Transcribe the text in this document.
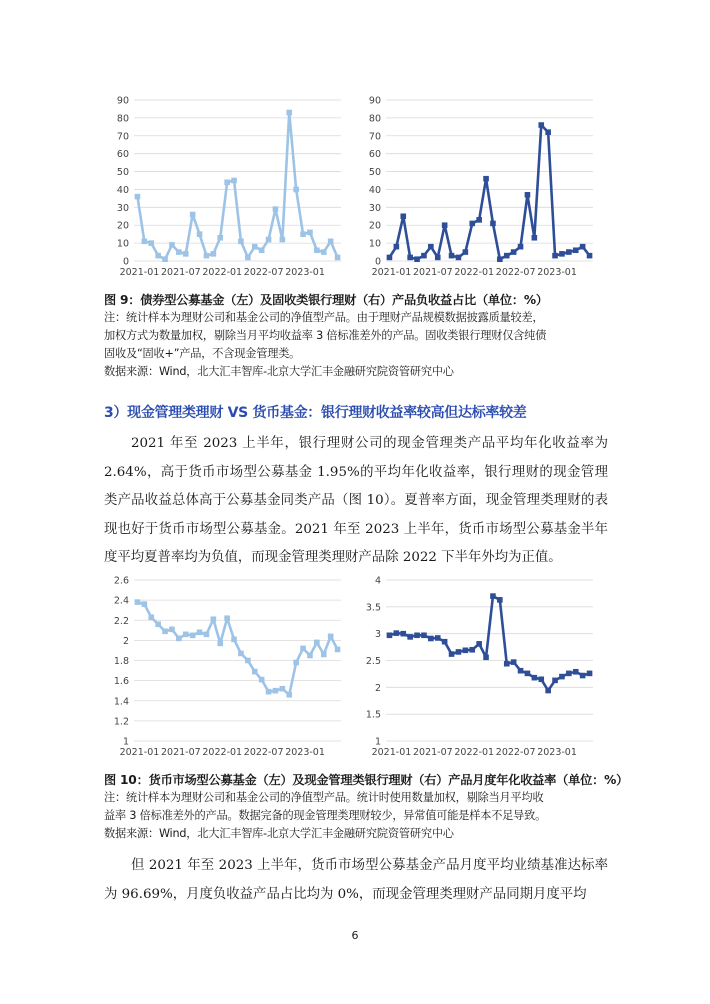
0
10
20
30
40
50
60
70
80
90
2021-01 2021-07 2022-01 2022-07 2023-01
0
10
20
30
40
50
60
70
80
90
2021-01 2021-07 2022-01 2022-07 2023-01
图 9：债券型公募基金（左）及固收类银行理财（右）产品负收益占比（单位：%）

注：统计样本为理财公司和基金公司的净值型产品。由于理财产品规模数据披露质量较差，

加权方式为数量加权，剔除当月平均收益率 3 倍标准差外的产品。固收类银行理财仅含纯债

固收及“固收+”产品，不含现金管理类。

数据来源：Wind，北大汇丰智库-北京大学汇丰金融研究院资管研究中心

3）现金管理类理财 VS 货币基金：银行理财收益率较高但达标率较差

2021 年至 2023 上半年，银行理财公司的现金管理类产品平均年化收益率为 2.64%，高于货币市场型公募基金 1.95%的平均年化收益率，银行理财的现金管理类产品收益总体高于公募基金同类产品（图 10）。夏普率方面，现金管理类理财的表现也好于货币市场型公募基金。2021 年至 2023 上半年，货币市场型公募基金半年度平均夏普率均为负值，而现金管理类理财产品除 2022 下半年外均为正值。

1
1.2
1.4
1.6
1.8
2
2.2
2.4
2.6
2021-01 2021-07 2022-01 2022-07 2023-01
1
1.5
2
2.5
3
3.5
4
2021-01 2021-07 2022-01 2022-07 2023-01
图 10：货币市场型公募基金（左）及现金管理类银行理财（右）产品月度年化收益率（单位：%）

注：统计样本为理财公司和基金公司的净值型产品。统计时使用数量加权，剔除当月平均收

益率 3 倍标准差外的产品。数据完备的现金管理类理财较少，异常值可能是样本不足导致。

数据来源：Wind，北大汇丰智库-北京大学汇丰金融研究院资管研究中心

但 2021 年至 2023 上半年，货币市场型公募基金产品月度平均业绩基准达标率为 96.69%，月度负收益产品占比均为 0%，而现金管理类理财产品同期月度平均

6
